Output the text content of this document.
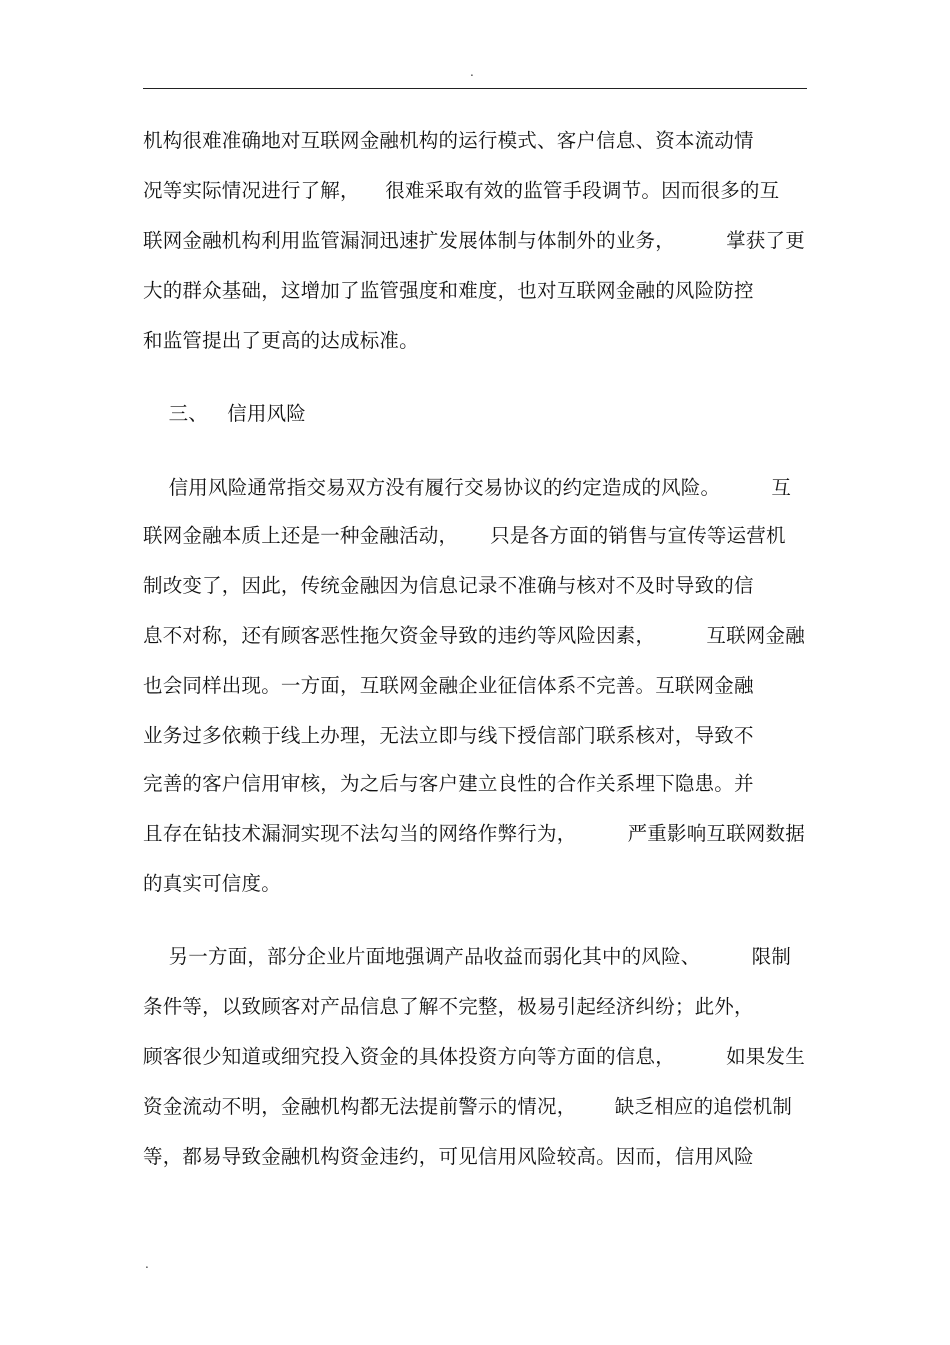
.
机构很难准确地对互联网金融机构的运行模式、客户信息、资本流动情
况等实际情况进行了解，    很难采取有效的监管手段调节。因而很多的互
联网金融机构利用监管漏洞迅速扩发展体制与体制外的业务，        掌获了更
大的群众基础，这增加了监管强度和难度，也对互联网金融的风险防控
和监管提出了更高的达成标准。
三、   信用风险
信用风险通常指交易双方没有履行交易协议的约定造成的风险。        互
联网金融本质上还是一种金融活动，     只是各方面的销售与宣传等运营机
制改变了，因此，传统金融因为信息记录不准确与核对不及时导致的信
息不对称，还有顾客恶性拖欠资金导致的违约等风险因素，        互联网金融
也会同样出现。一方面，互联网金融企业征信体系不完善。互联网金融
业务过多依赖于线上办理，无法立即与线下授信部门联系核对，导致不
完善的客户信用审核，为之后与客户建立良性的合作关系埋下隐患。并
且存在钻技术漏洞实现不法勾当的网络作弊行为，        严重影响互联网数据
的真实可信度。
另一方面，部分企业片面地强调产品收益而弱化其中的风险、        限制
条件等，以致顾客对产品信息了解不完整，极易引起经济纠纷；此外，
顾客很少知道或细究投入资金的具体投资方向等方面的信息，        如果发生
资金流动不明，金融机构都无法提前警示的情况，      缺乏相应的追偿机制
等，都易导致金融机构资金违约，可见信用风险较高。因而，信用风险
.
